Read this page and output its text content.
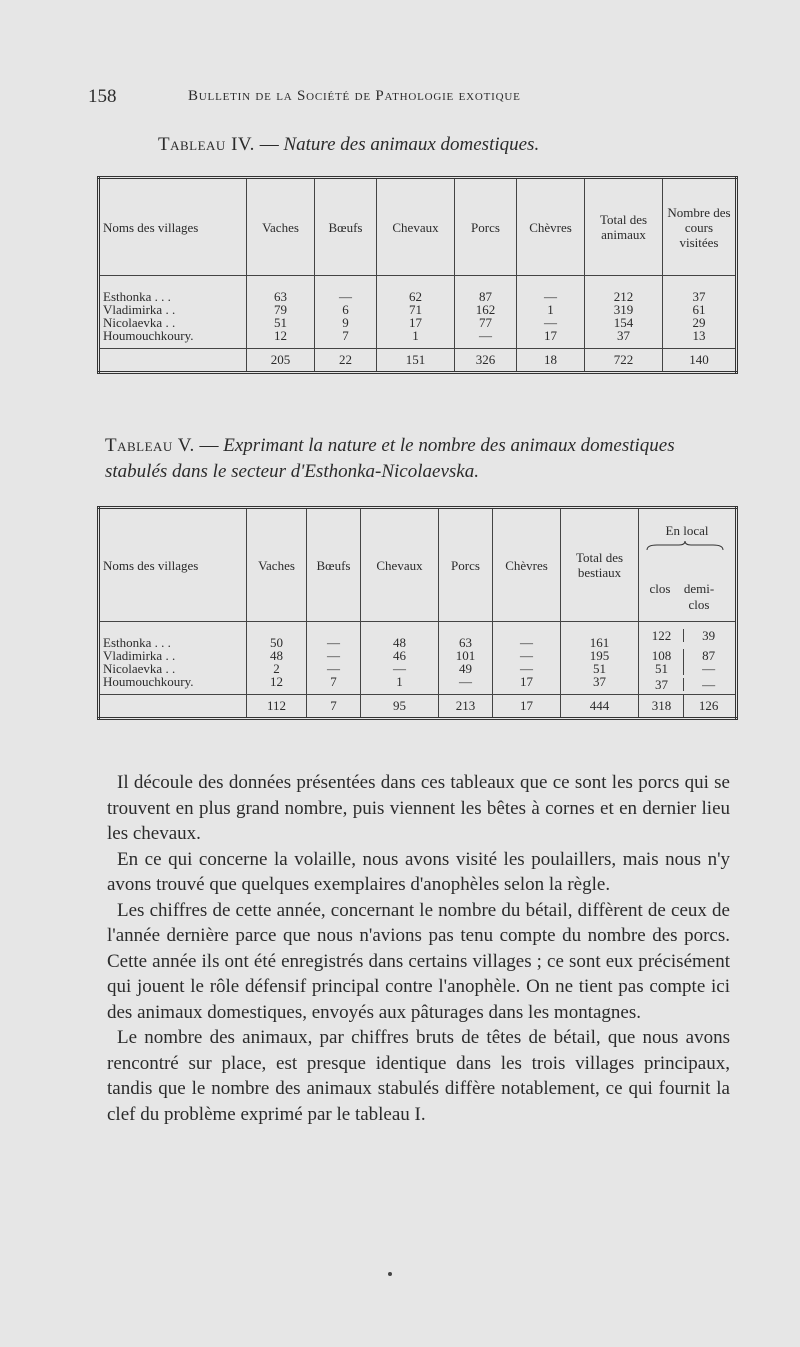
158	Bulletin de la Société de Pathologie exotique
Tableau IV. — Nature des animaux domestiques.
Noms des villages	Vaches	Bœufs	Chevaux	Porcs	Chèvres	Total des animaux	Nombre des cours visitées
Esthonka . . .	63	—	62	87	—	212	37
Vladimirka . .	79	6	71	162	1	319	61
Nicolaevka . .	51	9	17	77	—	154	29
Houmouchkoury.	12	7	1	—	17	37	13
	205	22	151	326	18	722	140
Tableau V. — Exprimant la nature et le nombre des animaux domestiques stabulés dans le secteur d'Esthonka-Nicolaevska.
Noms des villages	Vaches	Bœufs	Chevaux	Porcs	Chèvres	Total des bestiaux	En local
clos demi-clos

Esthonka . . .	50	—	48	63	—	161	122 39
Vladimirka . .	48	—	46	101	—	195	108 87
Nicolaevka . .	2	—	—	49	—	51	51 —
Houmouchkoury.	12	7	1	—	17	37	37 —
	112	7	95	213	17	444	318 126

Il découle des données présentées dans ces tableaux que ce sont les porcs qui se trouvent en plus grand nombre, puis viennent les bêtes à cornes et en dernier lieu les chevaux.

En ce qui concerne la volaille, nous avons visité les poulaillers, mais nous n'y avons trouvé que quelques exemplaires d'anophèles selon la règle.

Les chiffres de cette année, concernant le nombre du bétail, diffèrent de ceux de l'année dernière parce que nous n'avions pas tenu compte du nombre des porcs. Cette année ils ont été enregistrés dans certains villages ; ce sont eux précisément qui jouent le rôle défensif principal contre l'anophèle. On ne tient pas compte ici des animaux domestiques, envoyés aux pâturages dans les montagnes.

Le nombre des animaux, par chiffres bruts de têtes de bétail, que nous avons rencontré sur place, est presque identique dans les trois villages principaux, tandis que le nombre des animaux stabulés diffère notablement, ce qui fournit la clef du problème exprimé par le tableau I.
